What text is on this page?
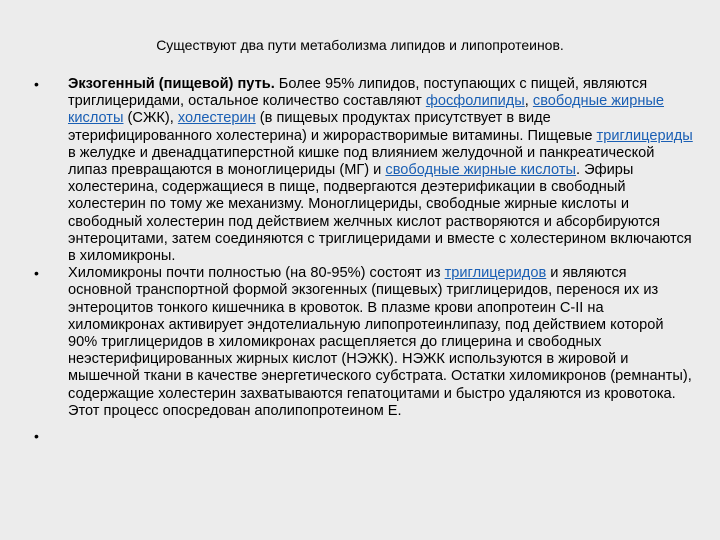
Существуют два пути метаболизма липидов и липопротеинов.
• Экзогенный (пищевой) путь. Более 95% липидов, поступающих с пищей, являются триглицеридами, остальное количество составляют фосфолипиды, свободные жирные кислоты (СЖК), холестерин (в пищевых продуктах присутствует в виде этерифицированного холестерина) и жирорастворимые витамины. Пищевые триглицериды в желудке и двенадцатиперстной кишке под влиянием желудочной и панкреатической липаз превращаются в моноглицериды (МГ) и свободные жирные кислоты. Эфиры холестерина, содержащиеся в пище, подвергаются деэтерификации в свободный холестерин по тому же механизму. Моноглицериды, свободные жирные кислоты и свободный холестерин под действием желчных кислот растворяются и абсорбируются энтероцитами, затем соединяются с триглицеридами и вместе с холестерином включаются в хиломикроны.
• Хиломикроны почти полностью (на 80-95%) состоят из триглицеридов и являются основной транспортной формой экзогенных (пищевых) триглицеридов, перенося их из энтероцитов тонкого кишечника в кровоток. В плазме крови апопротеин С-II на хиломикронах активирует эндотелиальную липопротеинлипазу, под действием которой 90% триглицеридов в хиломикронах расщепляется до глицерина и свободных неэстерифицированных жирных кислот (НЭЖК). НЭЖК используются в жировой и мышечной ткани в качестве энергетического субстрата. Остатки хиломикронов (ремнанты), содержащие холестерин захватываются гепатоцитами и быстро удаляются из кровотока. Этот процесс опосредован аполипопротеином Е.
•
